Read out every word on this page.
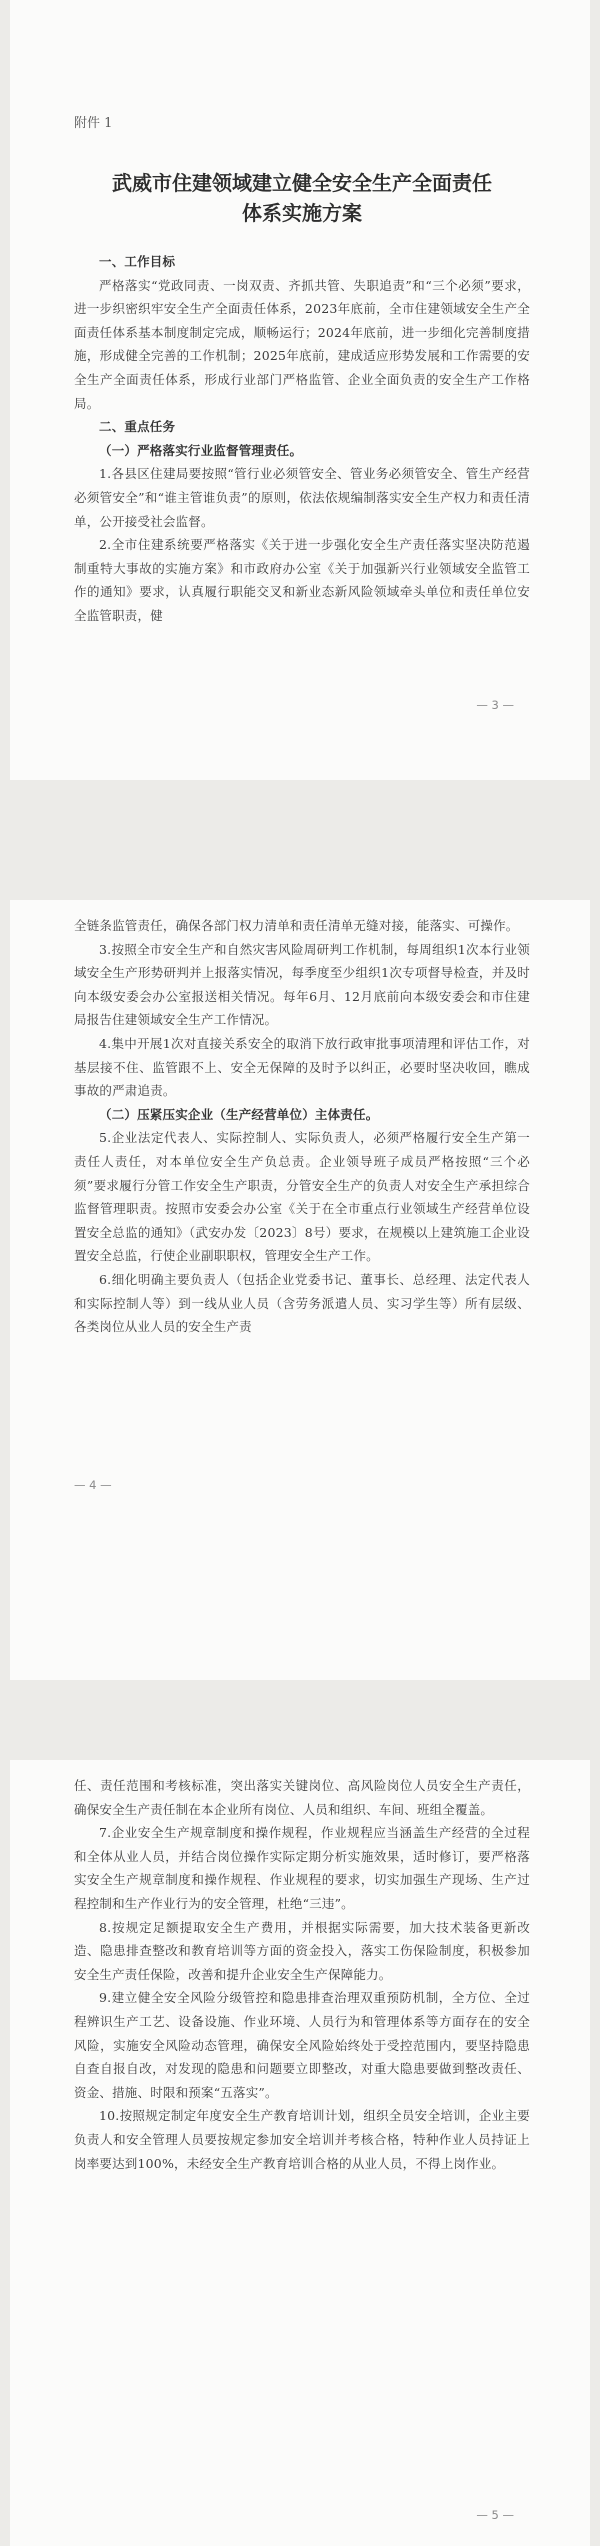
附件 1
武威市住建领域建立健全安全生产全面责任
体系实施方案

一、工作目标

严格落实“党政同责、一岗双责、齐抓共管、失职追责”和“三个必须”要求，进一步织密织牢安全生产全面责任体系，2023年底前，全市住建领域安全生产全面责任体系基本制度制定完成，顺畅运行；2024年底前，进一步细化完善制度措施，形成健全完善的工作机制；2025年底前，建成适应形势发展和工作需要的安全生产全面责任体系，形成行业部门严格监管、企业全面负责的安全生产工作格局。

二、重点任务

（一）严格落实行业监督管理责任。

1.各县区住建局要按照“管行业必须管安全、管业务必须管安全、管生产经营必须管安全”和“谁主管谁负责”的原则，依法依规编制落实安全生产权力和责任清单，公开接受社会监督。

2.全市住建系统要严格落实《关于进一步强化安全生产责任落实坚决防范遏制重特大事故的实施方案》和市政府办公室《关于加强新兴行业领域安全监管工作的通知》要求，认真履行职能交叉和新业态新风险领域牵头单位和责任单位安全监管职责，健

— 3 —

全链条监管责任，确保各部门权力清单和责任清单无缝对接，能落实、可操作。

3.按照全市安全生产和自然灾害风险周研判工作机制，每周组织1次本行业领域安全生产形势研判并上报落实情况，每季度至少组织1次专项督导检查，并及时向本级安委会办公室报送相关情况。每年6月、12月底前向本级安委会和市住建局报告住建领域安全生产工作情况。

4.集中开展1次对直接关系安全的取消下放行政审批事项清理和评估工作，对基层接不住、监管跟不上、安全无保障的及时予以纠正，必要时坚决收回，瞧成事故的严肃追责。

（二）压紧压实企业（生产经营单位）主体责任。

5.企业法定代表人、实际控制人、实际负责人，必须严格履行安全生产第一责任人责任，对本单位安全生产负总责。企业领导班子成员严格按照“三个必须”要求履行分管工作安全生产职责，分管安全生产的负责人对安全生产承担综合监督管理职责。按照市安委会办公室《关于在全市重点行业领域生产经营单位设置安全总监的通知》（武安办发〔2023〕8号）要求，在规模以上建筑施工企业设置安全总监，行使企业副职职权，管理安全生产工作。

6.细化明确主要负责人（包括企业党委书记、董事长、总经理、法定代表人和实际控制人等）到一线从业人员（含劳务派遣人员、实习学生等）所有层级、各类岗位从业人员的安全生产责

— 4 —

任、责任范围和考核标准，突出落实关键岗位、高风险岗位人员安全生产责任，确保安全生产责任制在本企业所有岗位、人员和组织、车间、班组全覆盖。

7.企业安全生产规章制度和操作规程，作业规程应当涵盖生产经营的全过程和全体从业人员，并结合岗位操作实际定期分析实施效果，适时修订，要严格落实安全生产规章制度和操作规程、作业规程的要求，切实加强生产现场、生产过程控制和生产作业行为的安全管理，杜绝“三违”。

8.按规定足额提取安全生产费用，并根据实际需要，加大技术装备更新改造、隐患排查整改和教育培训等方面的资金投入，落实工伤保险制度，积极参加安全生产责任保险，改善和提升企业安全生产保障能力。

9.建立健全安全风险分级管控和隐患排查治理双重预防机制，全方位、全过程辨识生产工艺、设备设施、作业环境、人员行为和管理体系等方面存在的安全风险，实施安全风险动态管理，确保安全风险始终处于受控范围内，要坚持隐患自查自报自改，对发现的隐患和问题要立即整改，对重大隐患要做到整改责任、资金、措施、时限和预案“五落实”。

10.按照规定制定年度安全生产教育培训计划，组织全员安全培训，企业主要负责人和安全管理人员要按规定参加安全培训并考核合格，特种作业人员持证上岗率要达到100%，未经安全生产教育培训合格的从业人员，不得上岗作业。

— 5 —
